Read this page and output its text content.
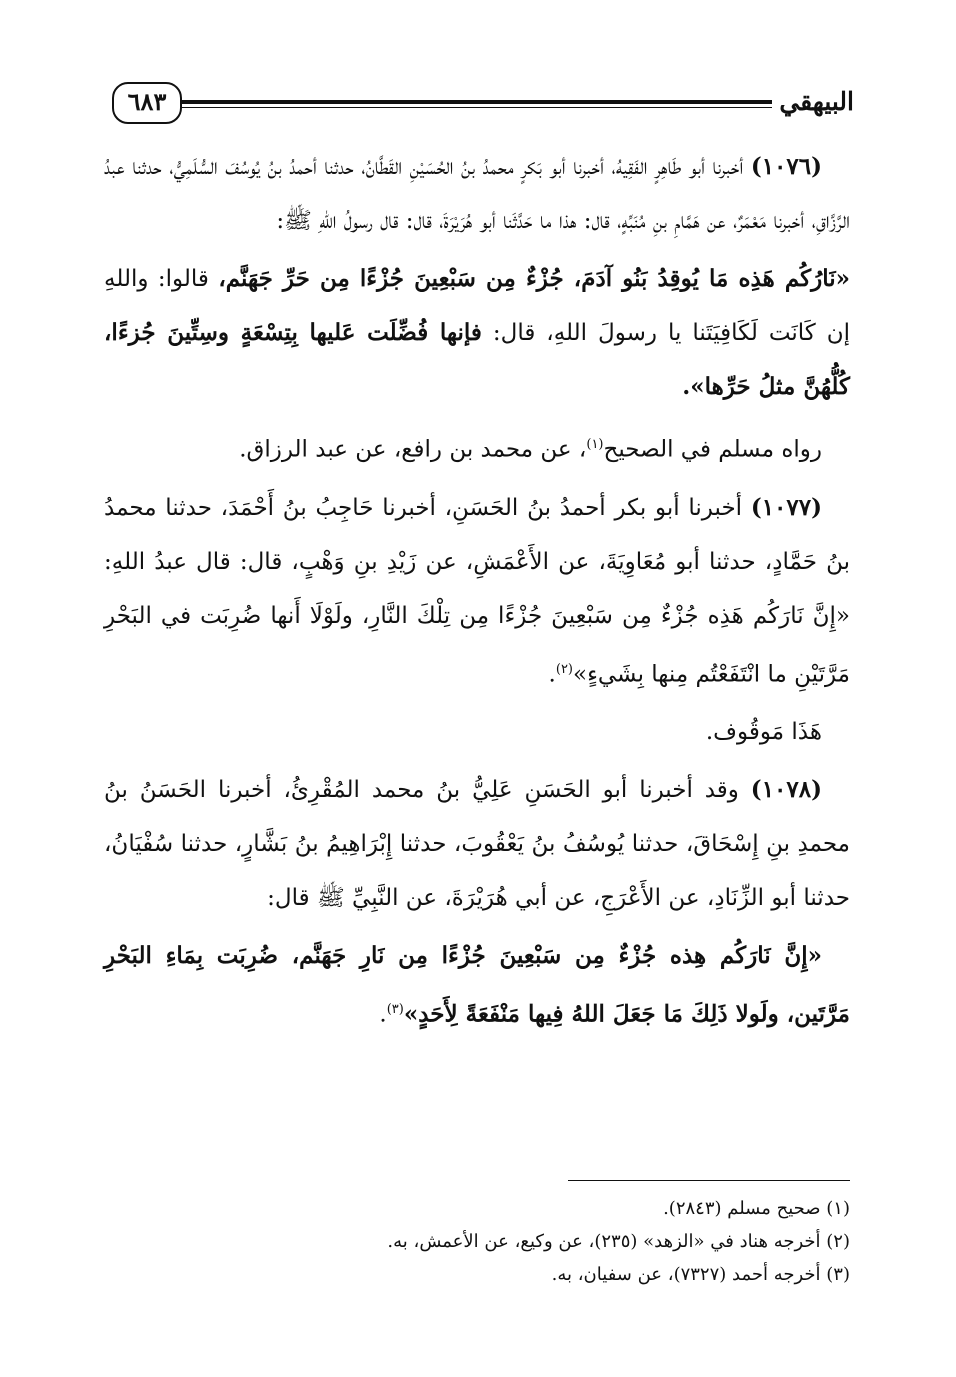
٦٨٣	البيهقي

(١٠٧٦) أخبرنا أبو طَاهِرٍ الفَقِيهُ، أخبرنا أبو بَكرٍ محمدُ بنُ الحُسَيْنِ القَطَّانُ، حدثنا أحمدُ بنُ يُوسُفَ السُّلَمِيُّ، حدثنا عبدُ الرَّزَّاقِ، أخبرنا مَعْمَرٌ، عن هَمَّامِ بنِ مُنَبِّهٍ، قال: هذا ما حَدَّثَنا أبو هُرَيْرَةَ، قال: قال رسولُ اللهِ ﷺ:

«نَارُكُم هَذِه مَا يُوقِدُ بَنُو آدَمَ، جُزْءٌ مِن سَبْعِينَ جُزْءًا مِن حَرِّ جَهَنَّم، قالوا: واللهِ إن كَانَت لَكَافِيَتَنا يا رسولَ اللهِ، قال: فإنها فُضِّلَت عَليها بِتِسْعَةٍ وسِتِّينَ جُزءًا، كُلُّهُنَّ مثلُ حَرِّها».

رواه مسلم في الصحيح$^{(١)}$، عن محمد بن رافع، عن عبد الرزاق.

(١٠٧٧) أخبرنا أبو بكر أحمدُ بنُ الحَسَنِ، أخبرنا حَاجِبُ بنُ أَحْمَدَ، حدثنا محمدُ بنُ حَمَّادٍ، حدثنا أبو مُعَاوِيَةَ، عن الأَعْمَشِ، عن زَيْدِ بنِ وَهْبٍ، قال: قال عبدُ اللهِ: «إِنَّ نَارَكُم هَذِه جُزْءٌ مِن سَبْعِينَ جُزْءًا مِن تِلْكَ النَّارِ، ولَوْلَا أَنها ضُرِبَت في البَحْرِ مَرَّتَيْنِ ما انْتَفَعْتُم مِنها بِشَيءٍ»$^{(٢)}$.

هَذَا مَوقُوف.

(١٠٧٨) وقد أخبرنا أبو الحَسَنِ عَلِيُّ بنُ محمد المُقْرِئُ، أخبرنا الحَسَنُ بنُ محمدِ بنِ إِسْحَاقَ، حدثنا يُوسُفُ بنُ يَعْقُوبَ، حدثنا إِبْرَاهِيمُ بنُ بَشَّارٍ، حدثنا سُفْيَانُ، حدثنا أبو الزِّنَادِ، عن الأَعْرَجِ، عن أبي هُرَيْرَةَ، عن النَّبِيِّ ﷺ قال:

«إِنَّ نَارَكُم هِذه جُزْءٌ مِن سَبْعِينَ جُزْءًا مِن نَارِ جَهَنَّم، ضُرِبَت بِمَاءِ البَحْرِ مَرَّتَين، ولَولا ذَلِكَ مَا جَعَلَ اللهُ فِيها مَنْفَعَةً لِأَحَدٍ»$^{(٣)}$.

(١) صحيح مسلم (٢٨٤٣).
(٢) أخرجه هناد في «الزهد» (٢٣٥)، عن وكيع، عن الأعمش، به.
(٣) أخرجه أحمد (٧٣٢٧)، عن سفيان، به.
